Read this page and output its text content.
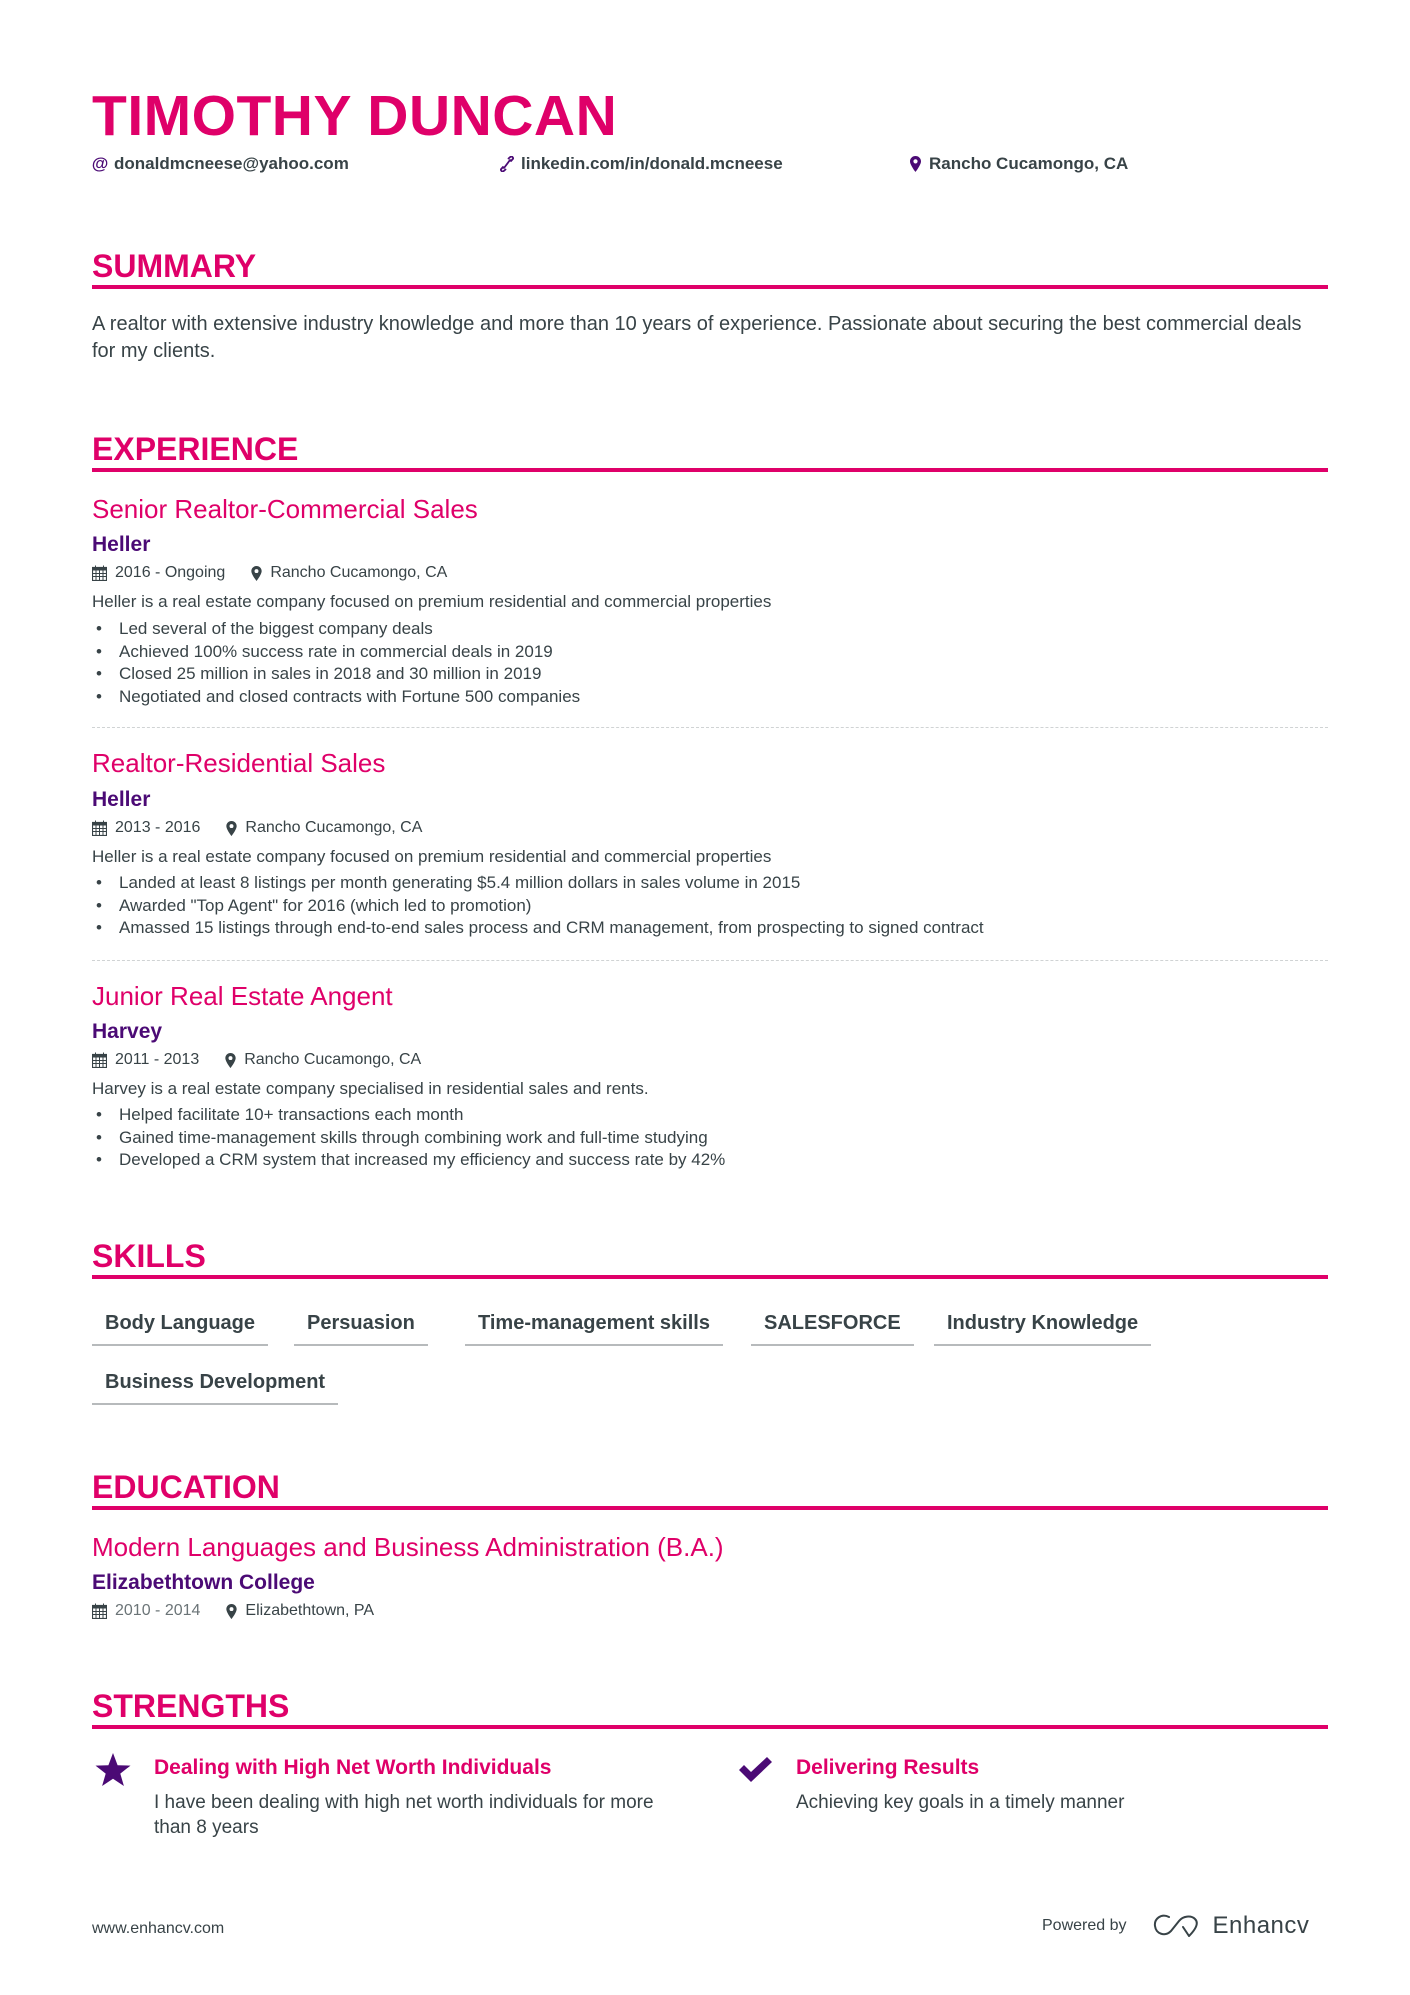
TIMOTHY DUNCAN
@ donaldmcneese@yahoo.com	linkedin.com/in/donald.mcneese	Rancho Cucamongo, CA
SUMMARY
A realtor with extensive industry knowledge and more than 10 years of experience. Passionate about securing the best commercial deals for my clients.
EXPERIENCE
Senior Realtor-Commercial Sales
Heller
2016 - Ongoing	Rancho Cucamongo, CA
Heller is a real estate company focused on premium residential and commercial properties
• Led several of the biggest company deals
• Achieved 100% success rate in commercial deals in 2019
• Closed 25 million in sales in 2018 and 30 million in 2019
• Negotiated and closed contracts with Fortune 500 companies
Realtor-Residential Sales
Heller
2013 - 2016	Rancho Cucamongo, CA
Heller is a real estate company focused on premium residential and commercial properties
• Landed at least 8 listings per month generating $5.4 million dollars in sales volume in 2015
• Awarded "Top Agent" for 2016 (which led to promotion)
• Amassed 15 listings through end-to-end sales process and CRM management, from prospecting to signed contract
Junior Real Estate Angent
Harvey
2011 - 2013	Rancho Cucamongo, CA
Harvey is a real estate company specialised in residential sales and rents.
• Helped facilitate 10+ transactions each month
• Gained time-management skills through combining work and full-time studying
• Developed a CRM system that increased my efficiency and success rate by 42%
SKILLS
Body Language	Persuasion	Time-management skills	SALESFORCE	Industry Knowledge
Business Development
EDUCATION
Modern Languages and Business Administration (B.A.)
Elizabethtown College
2010 - 2014	Elizabethtown, PA
STRENGTHS
Dealing with High Net Worth Individuals
I have been dealing with high net worth individuals for more than 8 years
Delivering Results
Achieving key goals in a timely manner
www.enhancv.com	Powered by	Enhancv
